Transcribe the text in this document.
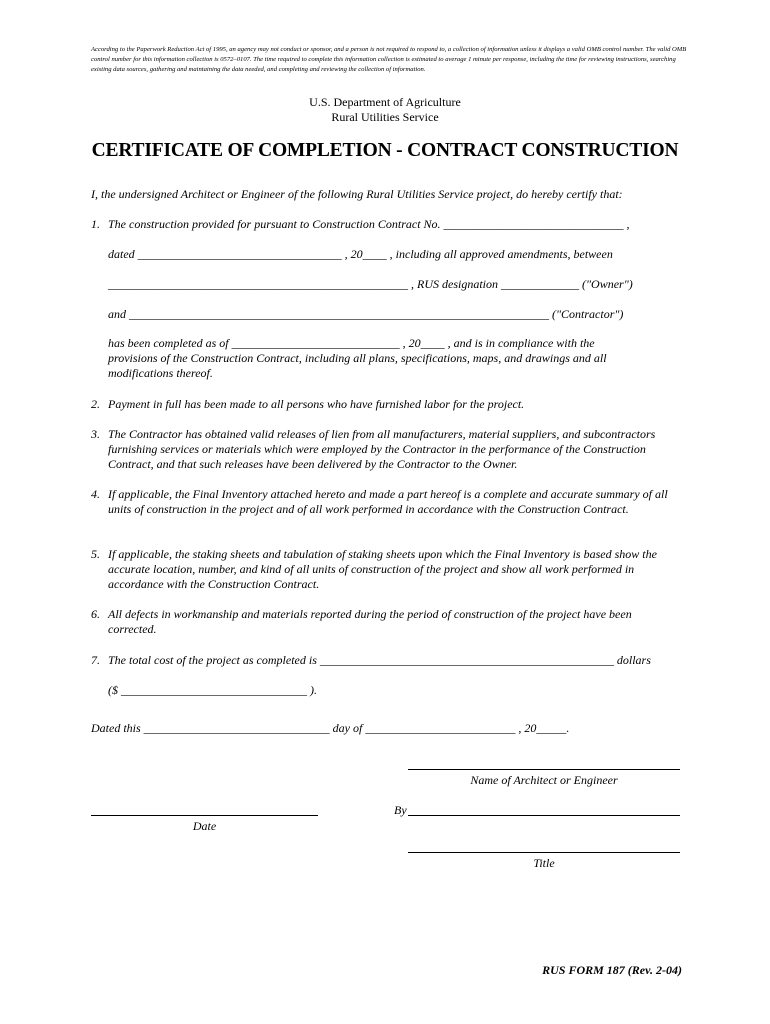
According to the Paperwork Reduction Act of 1995, an agency may not conduct or sponsor, and a person is not required to respond to, a collection of information unless it displays a valid OMB control number. The valid OMB control number for this information collection is 0572–0107. The time required to complete this information collection is estimated to average 1 minute per response, including the time for reviewing instructions, searching existing data sources, gathering and maintaining the data needed, and completing and reviewing the collection of information.
U.S. Department of Agriculture
Rural Utilities Service
CERTIFICATE OF COMPLETION - CONTRACT CONSTRUCTION
I, the undersigned Architect or Engineer of the following Rural Utilities Service project, do hereby certify that:
1. The construction provided for pursuant to Construction Contract No. ______________________________ ,
dated __________________________________ , 20____ , including all approved amendments, between
__________________________________________________ , RUS designation _____________ ("Owner")
and ______________________________________________________________________ ("Contractor")
has been completed as of ____________________________ , 20____ , and is in compliance with the
provisions of the Construction Contract, including all plans, specifications, maps, and drawings and all modifications thereof.
2. Payment in full has been made to all persons who have furnished labor for the project.
3. The Contractor has obtained valid releases of lien from all manufacturers, material suppliers, and subcontractors furnishing services or materials which were employed by the Contractor in the performance of the Construction Contract, and that such releases have been delivered by the Contractor to the Owner.
4. If applicable, the Final Inventory attached hereto and made a part hereof is a complete and accurate summary of all units of construction in the project and of all work performed in accordance with the Construction Contract.
5. If applicable, the staking sheets and tabulation of staking sheets upon which the Final Inventory is based show the accurate location, number, and kind of all units of construction of the project and show all work performed in accordance with the Construction Contract.
6. All defects in workmanship and materials reported during the period of construction of the project have been corrected.
7. The total cost of the project as completed is _________________________________________________ dollars
($ _______________________________ ).
Dated this _______________________________ day of _________________________ , 20_____.
Name of Architect or Engineer
Date
By
Title
RUS FORM 187 (Rev. 2-04)
